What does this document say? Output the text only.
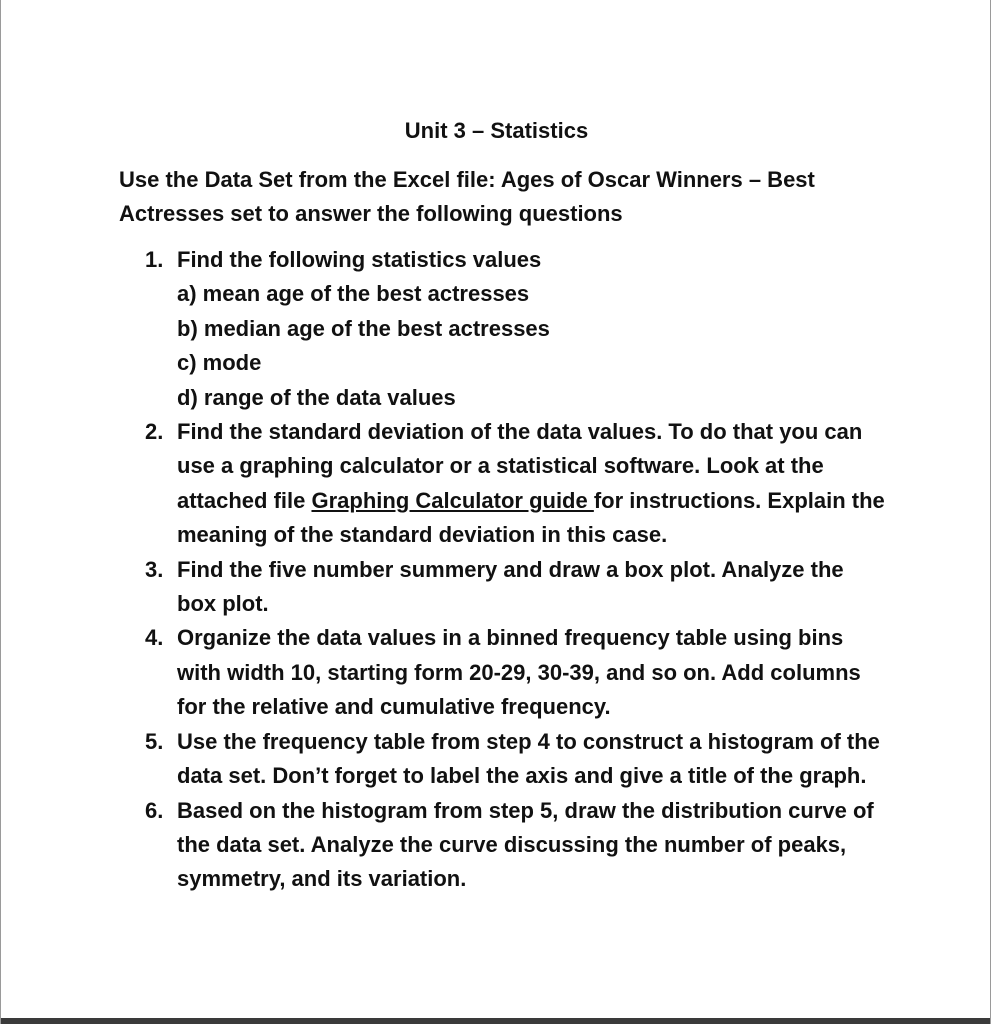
Unit 3 – Statistics
Use the Data Set from the Excel file: Ages of Oscar Winners – Best Actresses set to answer the following questions
1. Find the following statistics values
a) mean age of the best actresses
b) median age of the best actresses
c) mode
d) range of the data values
2. Find the standard deviation of the data values. To do that you can use a graphing calculator or a statistical software. Look at the attached file Graphing Calculator guide for instructions. Explain the meaning of the standard deviation in this case.
3. Find the five number summery and draw a box plot. Analyze the box plot.
4. Organize the data values in a binned frequency table using bins with width 10, starting form 20-29, 30-39, and so on. Add columns for the relative and cumulative frequency.
5. Use the frequency table from step 4 to construct a histogram of the data set. Don’t forget to label the axis and give a title of the graph.
6. Based on the histogram from step 5, draw the distribution curve of the data set. Analyze the curve discussing the number of peaks, symmetry, and its variation.
